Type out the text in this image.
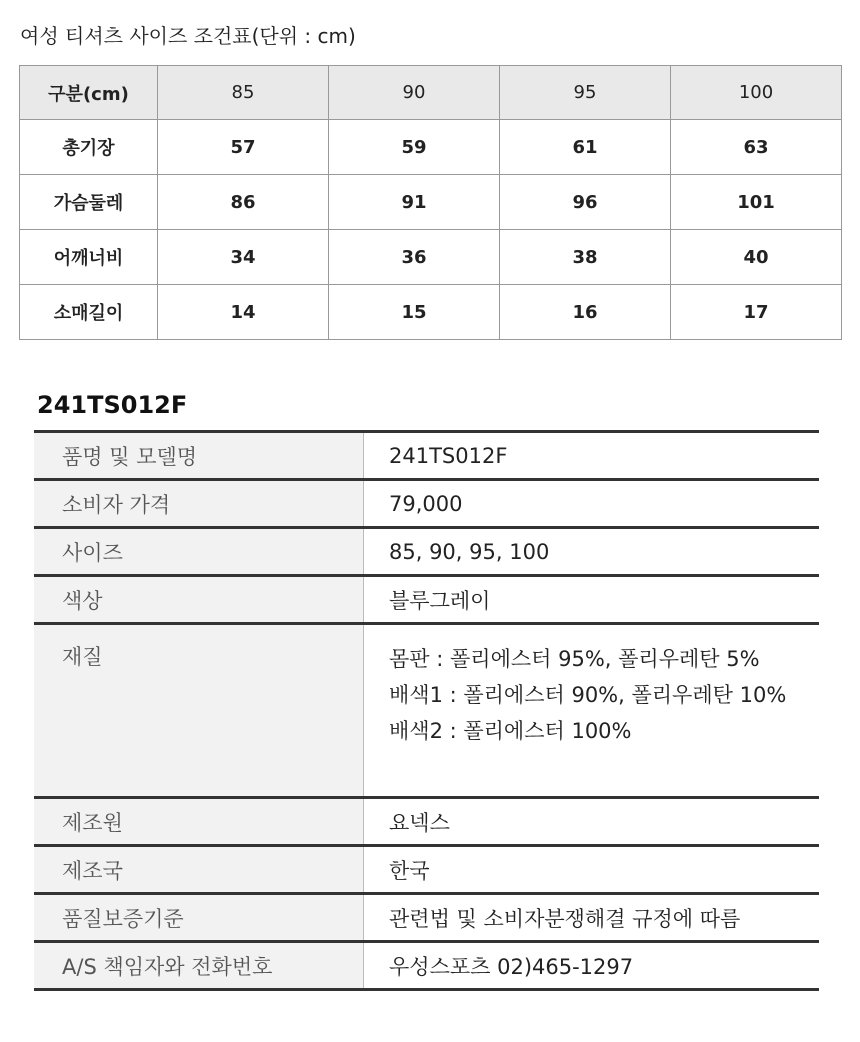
여성 티셔츠 사이즈 조건표(단위 : cm)
구분(cm)	85	90	95	100
총기장	57	59	61	63
가슴둘레	86	91	96	101
어깨너비	34	36	38	40
소매길이	14	15	16	17
241TS012F
품명 및 모델명	241TS012F
소비자 가격	79,000
사이즈	85, 90, 95, 100
색상	블루그레이
재질	몸판 : 폴리에스터 95%, 폴리우레탄 5%
배색1 : 폴리에스터 90%, 폴리우레탄 10%
배색2 : 폴리에스터 100%

제조원	요넥스
제조국	한국
품질보증기준	관련법 및 소비자분쟁해결 규정에 따름
A/S 책임자와 전화번호	우성스포츠 02)465-1297
